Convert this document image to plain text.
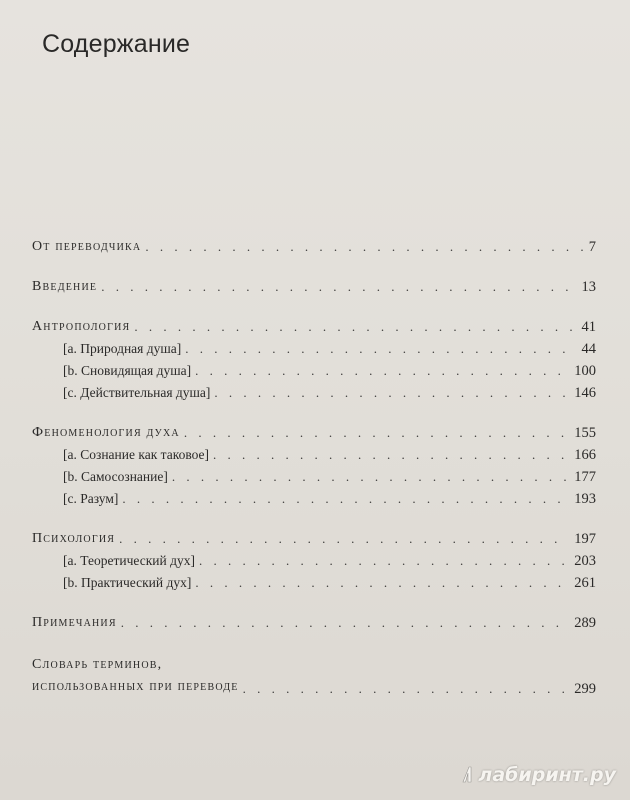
Содержание
От переводчика . . .	7
Введение . . .	13
Антропология . . .	41
[a. Природная душа] . . .	44
[b. Сновидящая душа] . . .	100
[c. Действительная душа] . . .	146
Феноменология духа . . .	155
[a. Сознание как таковое] . . .	166
[b. Самосознание] . . .	177
[c. Разум] . . .	193
Психология . . .	197
[a. Теоретический дух] . . .	203
[b. Практический дух] . . .	261
Примечания . . .	289
Словарь терминов,
использованных при переводе . . .	299
лабиринт.ру
